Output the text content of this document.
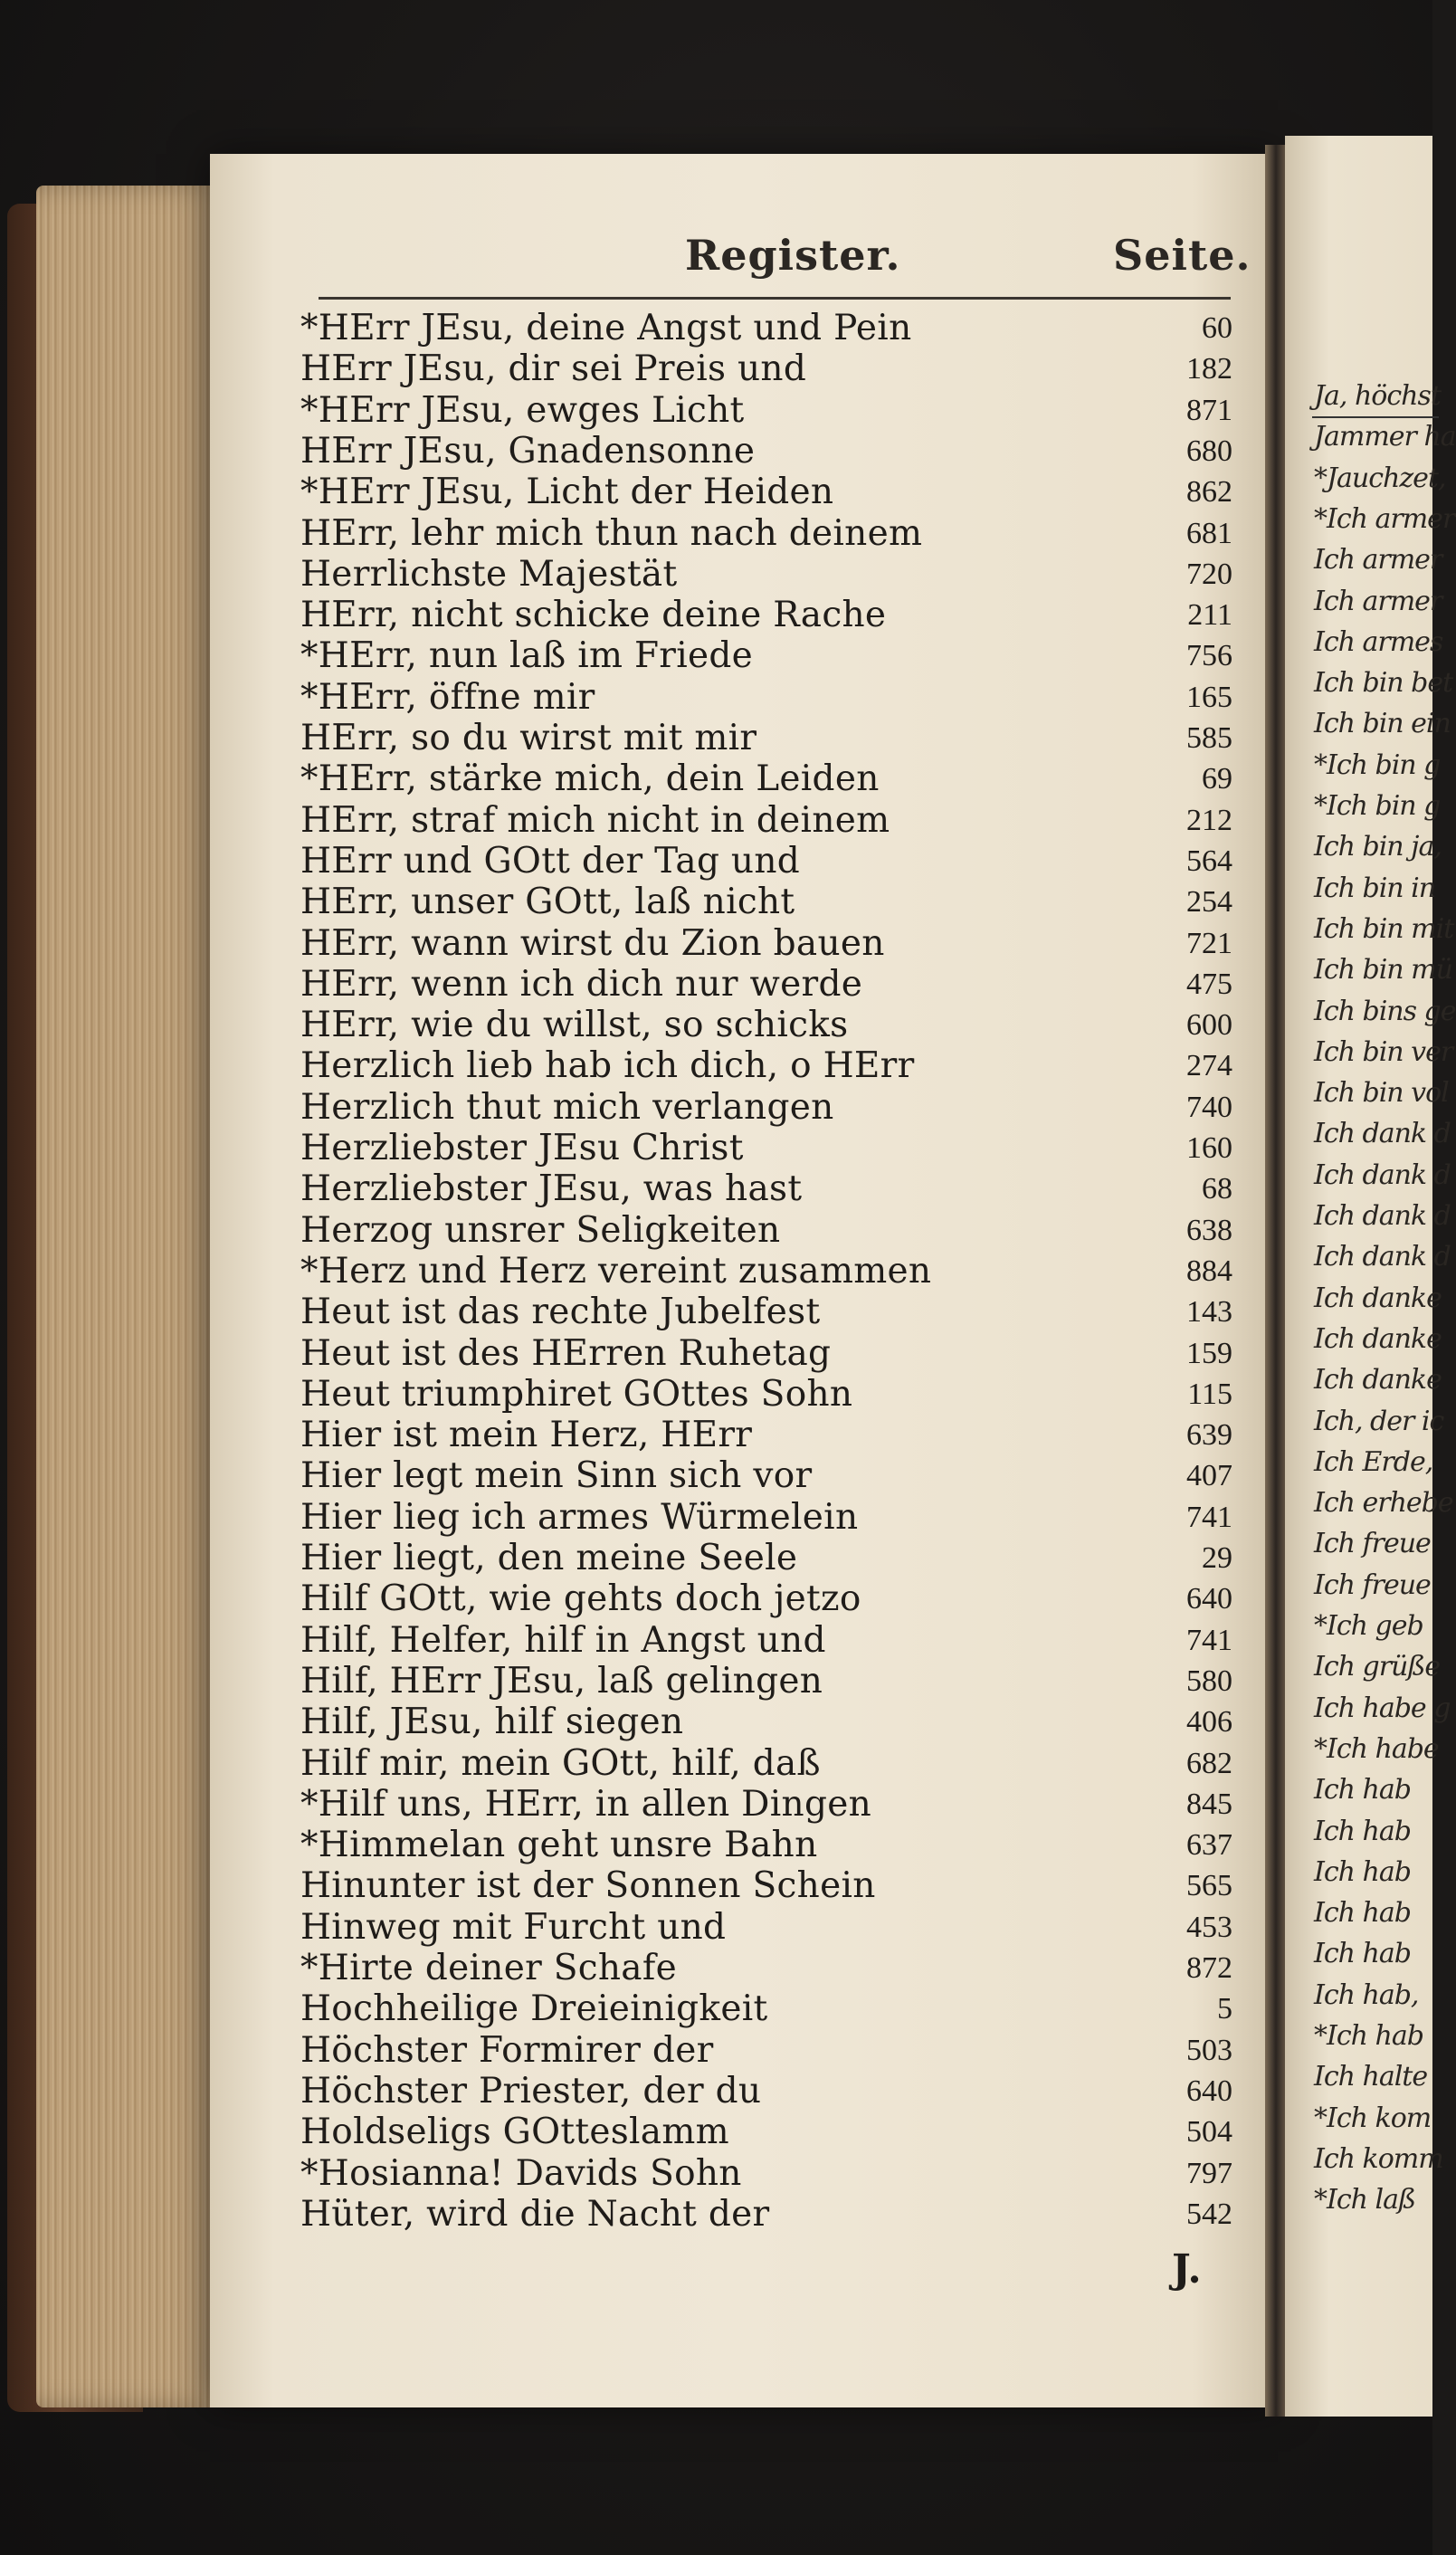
Register.	Seite.
*HErr JEsu, deine Angst und Pein	60
HErr JEsu, dir sei Preis und	182
*HErr JEsu, ewges Licht	871
HErr JEsu, Gnadensonne	680
*HErr JEsu, Licht der Heiden	862
HErr, lehr mich thun nach deinem	681
Herrlichste Majestät	720
HErr, nicht schicke deine Rache	211
*HErr, nun laß im Friede	756
*HErr, öffne mir	165
HErr, so du wirst mit mir	585
*HErr, stärke mich, dein Leiden	69
HErr, straf mich nicht in deinem	212
HErr und GOtt der Tag und	564
HErr, unser GOtt, laß nicht	254
HErr, wann wirst du Zion bauen	721
HErr, wenn ich dich nur werde	475
HErr, wie du willst, so schicks	600
Herzlich lieb hab ich dich, o HErr	274
Herzlich thut mich verlangen	740
Herzliebster JEsu Christ	160
Herzliebster JEsu, was hast	68
Herzog unsrer Seligkeiten	638
*Herz und Herz vereint zusammen	884
Heut ist das rechte Jubelfest	143
Heut ist des HErren Ruhetag	159
Heut triumphiret GOttes Sohn	115
Hier ist mein Herz, HErr	639
Hier legt mein Sinn sich vor	407
Hier lieg ich armes Würmelein	741
Hier liegt, den meine Seele	29
Hilf GOtt, wie gehts doch jetzo	640
Hilf, Helfer, hilf in Angst und	741
Hilf, HErr JEsu, laß gelingen	580
Hilf, JEsu, hilf siegen	406
Hilf mir, mein GOtt, hilf, daß	682
*Hilf uns, HErr, in allen Dingen	845
*Himmelan geht unsre Bahn	637
Hinunter ist der Sonnen Schein	565
Hinweg mit Furcht und	453
*Hirte deiner Schafe	872
Hochheilige Dreieinigkeit	5
Höchster Formirer der	503
Höchster Priester, der du	640
Holdseligs GOtteslamm	504
*Hosianna! Davids Sohn	797
Hüter, wird die Nacht der	542
J.
Ja, höchst
Jammer ha
*Jauchzet,
*Ich armer
Ich armer
Ich armer
Ich armes
Ich bin bet
Ich bin ein
*Ich bin g
*Ich bin g
Ich bin ja,
Ich bin in
Ich bin mit
Ich bin mü
Ich bins ge
Ich bin ver
Ich bin vol
Ich dank d
Ich dank d
Ich dank d
Ich dank d
Ich danke
Ich danke
Ich danke
Ich, der ic
Ich Erde,
Ich erhebe
Ich freue
Ich freue
*Ich geb
Ich grüße
Ich habe g
*Ich habe
Ich hab
Ich hab
Ich hab
Ich hab
Ich hab
Ich hab,
*Ich hab
Ich halte
*Ich kom
Ich komm
*Ich laß
